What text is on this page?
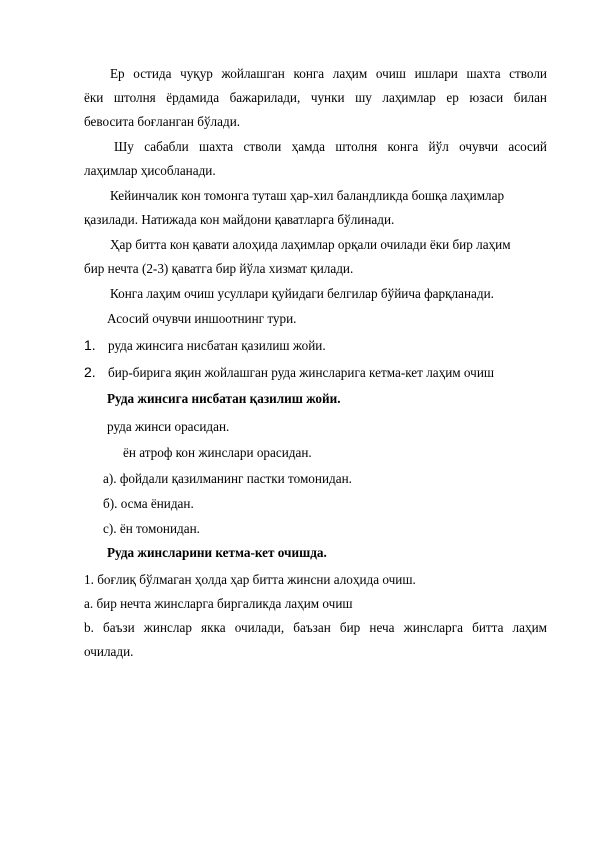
Ер остида чуқур жойлашган конга лаҳим очиш ишлари шахта стволи
ёки штолня ёрдамида бажарилади, чунки шу лаҳимлар ер юзаси билан
бевосита боғланган бўлади.
Шу сабабли шахта стволи ҳамда штолня конга йўл очувчи асосий
лаҳимлар ҳисобланади.
Кейинчалик кон томонга туташ ҳар-хил баландликда бошқа лаҳимлар
қазилади. Натижада кон майдони қаватларга бўлинади.
Ҳар битта кон қавати алоҳида лаҳимлар орқали очилади ёки бир лаҳим
бир нечта (2-3) қаватга бир йўла хизмат қилади.
Конга лаҳим очиш усуллари қуйидаги белгилар бўйича фарқланади.
Асосий очувчи иншоотнинг тури.
1. руда жинсига нисбатан қазилиш жойи.
2. бир-бирига яқин жойлашган руда жинсларига кетма-кет лаҳим очиш
Руда жинсига нисбатан қазилиш жойи.
руда жинси орасидан.
ён атроф кон жинслари орасидан.
а). фойдали қазилманинг пастки томонидан.
б). осма ёнидан.
с). ён томонидан.
Руда жинсларини кетма-кет очишда.
1. боғлиқ бўлмаган ҳолда ҳар битта жинсни алоҳида очиш.
a. бир нечта жинсларга биргаликда лаҳим очиш
b. баъзи жинслар якка очилади, баъзан бир неча жинсларга битта лаҳим
очилади.
